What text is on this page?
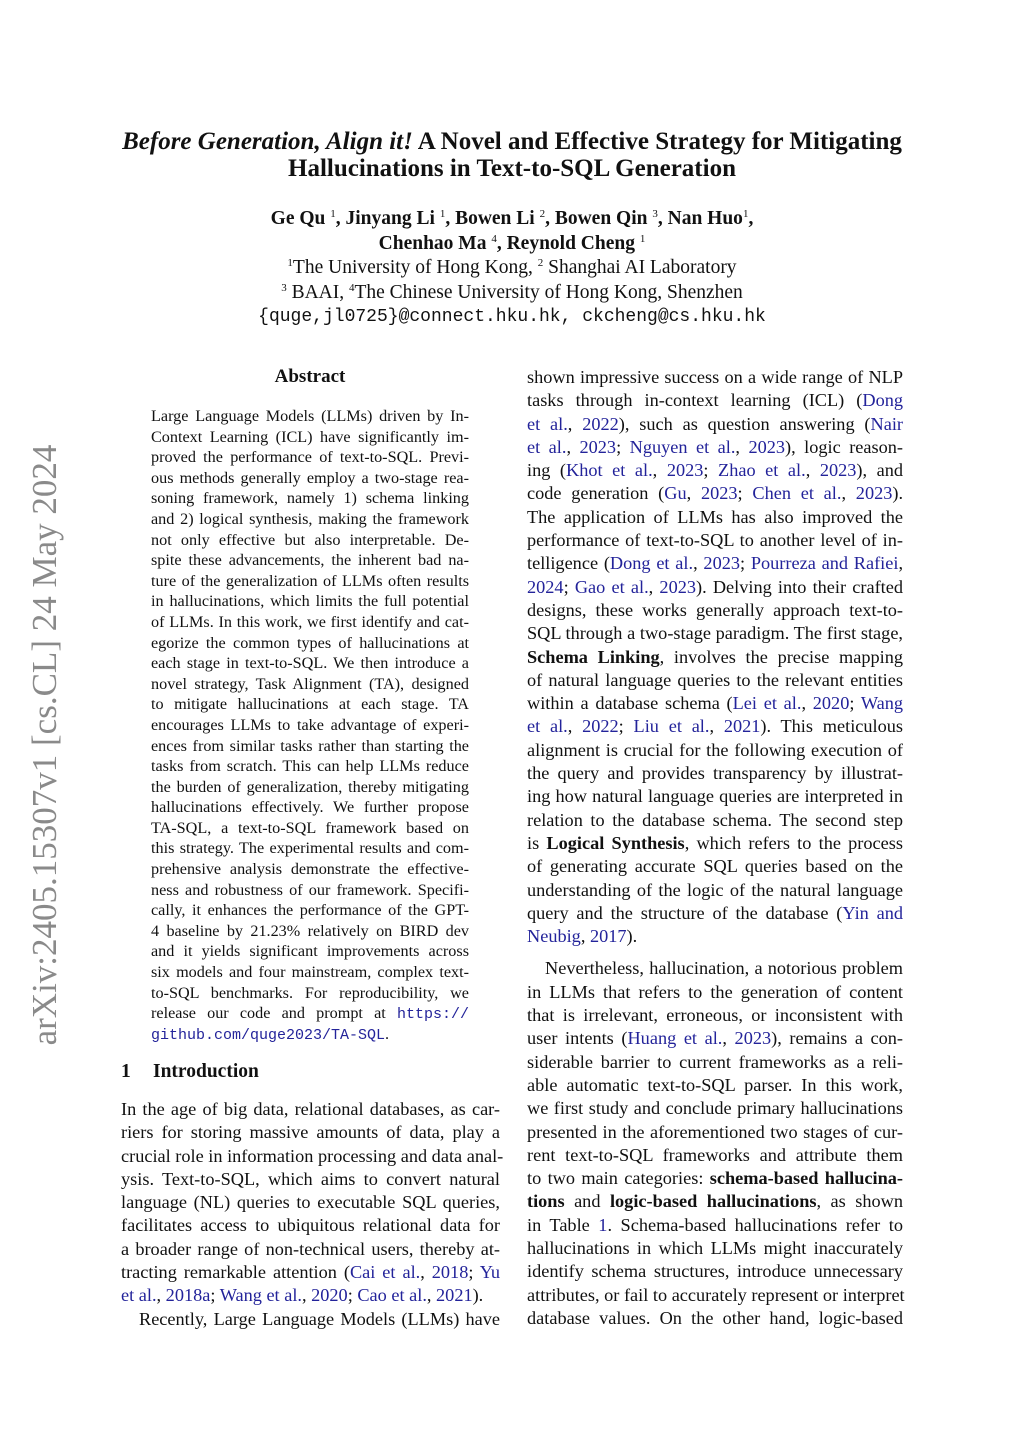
arXiv:2405.15307v1 [cs.CL] 24 May 2024
Before Generation, Align it! A Novel and Effective Strategy for Mitigating
Hallucinations in Text-to-SQL Generation
Ge Qu $^1$, Jinyang Li $^1$, Bowen Li $^2$, Bowen Qin $^3$, Nan Huo$^1$,
Chenhao Ma $^4$, Reynold Cheng $^1$
$^1$The University of Hong Kong, $^2$ Shanghai AI Laboratory
$^3$ BAAI, $^4$The Chinese University of Hong Kong, Shenzhen
{quge,jl0725}@connect.hku.hk, ckcheng@cs.hku.hk
Abstract
Large Language Models (LLMs) driven by In-
Context Learning (ICL) have significantly im-
proved the performance of text-to-SQL. Previ-
ous methods generally employ a two-stage rea-
soning framework, namely 1) schema linking
and 2) logical synthesis, making the framework
not only effective but also interpretable. De-
spite these advancements, the inherent bad na-
ture of the generalization of LLMs often results
in hallucinations, which limits the full potential
of LLMs. In this work, we first identify and cat-
egorize the common types of hallucinations at
each stage in text-to-SQL. We then introduce a
novel strategy, Task Alignment (TA), designed
to mitigate hallucinations at each stage. TA
encourages LLMs to take advantage of experi-
ences from similar tasks rather than starting the
tasks from scratch. This can help LLMs reduce
the burden of generalization, thereby mitigating
hallucinations effectively. We further propose
TA-SQL, a text-to-SQL framework based on
this strategy. The experimental results and com-
prehensive analysis demonstrate the effective-
ness and robustness of our framework. Specifi-
cally, it enhances the performance of the GPT-
4 baseline by 21.23% relatively on BIRD dev
and it yields significant improvements across
six models and four mainstream, complex text-
to-SQL benchmarks. For reproducibility, we
release our code and prompt at https://
github.com/quge2023/TA-SQL.
1 Introduction
In the age of big data, relational databases, as car-
riers for storing massive amounts of data, play a
crucial role in information processing and data anal-
ysis. Text-to-SQL, which aims to convert natural
language (NL) queries to executable SQL queries,
facilitates access to ubiquitous relational data for
a broader range of non-technical users, thereby at-
tracting remarkable attention (Cai et al., 2018; Yu
et al., 2018a; Wang et al., 2020; Cao et al., 2021).
Recently, Large Language Models (LLMs) have
shown impressive success on a wide range of NLP
tasks through in-context learning (ICL) (Dong
et al., 2022), such as question answering (Nair
et al., 2023; Nguyen et al., 2023), logic reason-
ing (Khot et al., 2023; Zhao et al., 2023), and
code generation (Gu, 2023; Chen et al., 2023).
The application of LLMs has also improved the
performance of text-to-SQL to another level of in-
telligence (Dong et al., 2023; Pourreza and Rafiei,
2024; Gao et al., 2023). Delving into their crafted
designs, these works generally approach text-to-
SQL through a two-stage paradigm. The first stage,
Schema Linking, involves the precise mapping
of natural language queries to the relevant entities
within a database schema (Lei et al., 2020; Wang
et al., 2022; Liu et al., 2021). This meticulous
alignment is crucial for the following execution of
the query and provides transparency by illustrat-
ing how natural language queries are interpreted in
relation to the database schema. The second step
is Logical Synthesis, which refers to the process
of generating accurate SQL queries based on the
understanding of the logic of the natural language
query and the structure of the database (Yin and
Neubig, 2017).
Nevertheless, hallucination, a notorious problem
in LLMs that refers to the generation of content
that is irrelevant, erroneous, or inconsistent with
user intents (Huang et al., 2023), remains a con-
siderable barrier to current frameworks as a reli-
able automatic text-to-SQL parser. In this work,
we first study and conclude primary hallucinations
presented in the aforementioned two stages of cur-
rent text-to-SQL frameworks and attribute them
to two main categories: schema-based hallucina-
tions and logic-based hallucinations, as shown
in Table 1. Schema-based hallucinations refer to
hallucinations in which LLMs might inaccurately
identify schema structures, introduce unnecessary
attributes, or fail to accurately represent or interpret
database values. On the other hand, logic-based
